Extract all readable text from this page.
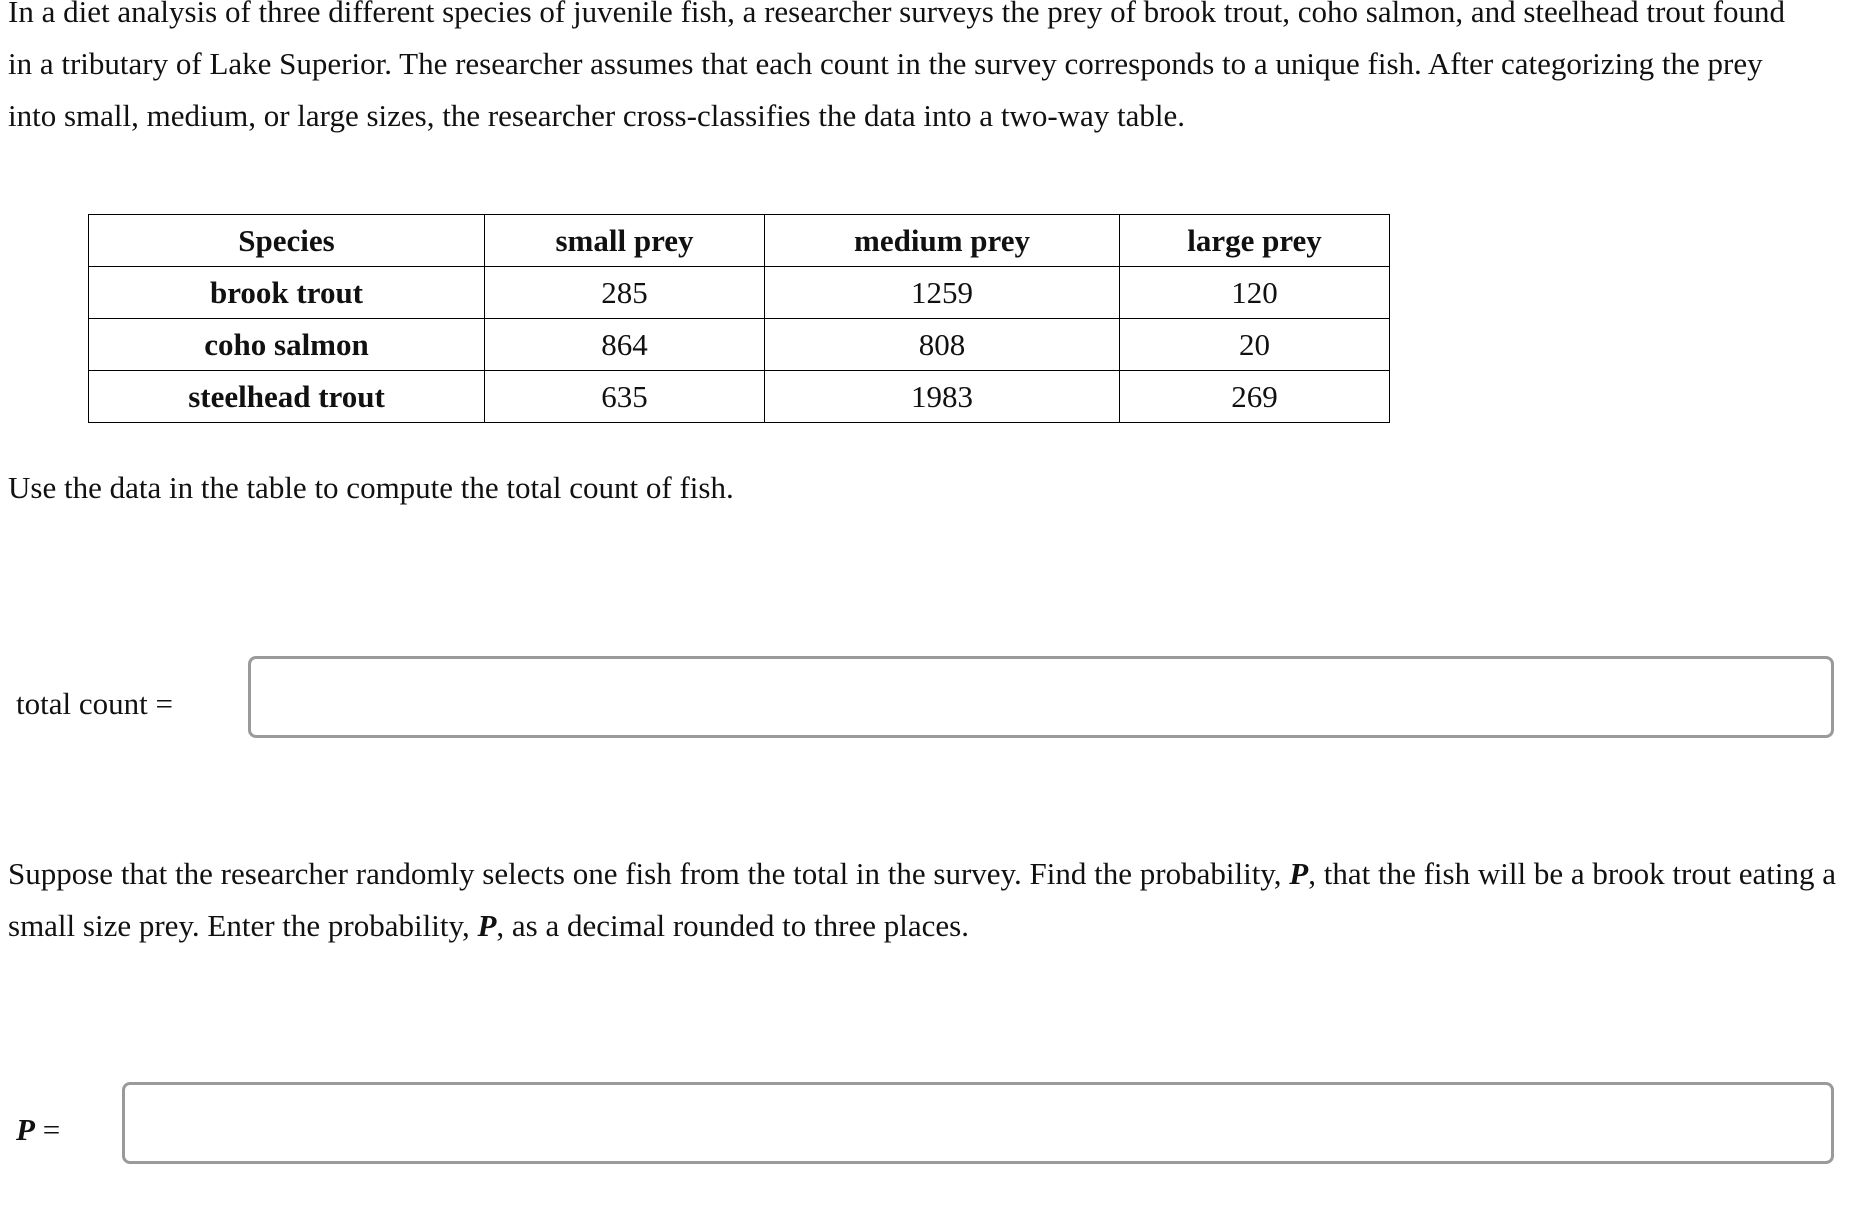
In a diet analysis of three different species of juvenile fish, a researcher surveys the prey of brook trout, coho salmon, and steelhead trout found in a tributary of Lake Superior. The researcher assumes that each count in the survey corresponds to a unique fish. After categorizing the prey into small, medium, or large sizes, the researcher cross-classifies the data into a two-way table.

Species	small prey	medium prey	large prey
brook trout	285	1259	120
coho salmon	864	808	20
steelhead trout	635	1983	269

Use the data in the table to compute the total count of fish.

total count =

Suppose that the researcher randomly selects one fish from the total in the survey. Find the probability, P, that the fish will be a brook trout eating a small size prey. Enter the probability, P, as a decimal rounded to three places.

P =
